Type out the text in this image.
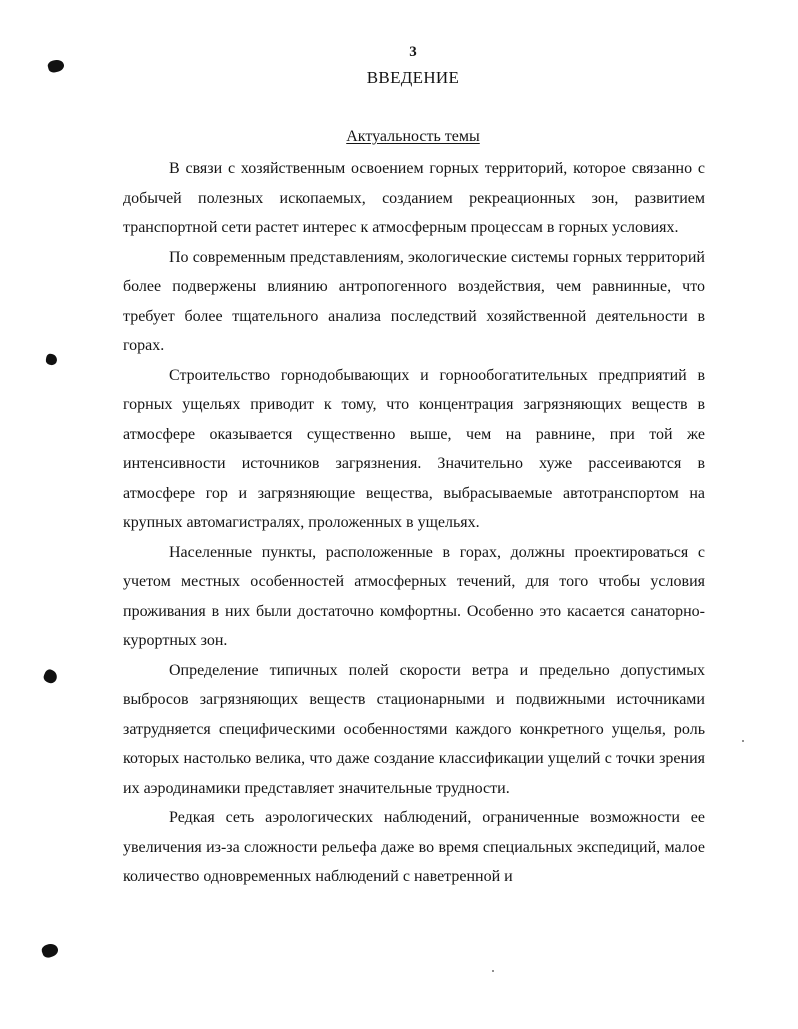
3
ВВЕДЕНИЕ
Актуальность темы

В связи с хозяйственным освоением горных территорий, которое связанно с добычей полезных ископаемых, созданием рекреационных зон, развитием транспортной сети растет интерес к атмосферным процессам в горных условиях.

По современным представлениям, экологические системы горных территорий более подвержены влиянию антропогенного воздействия, чем равнинные, что требует более тщательного анализа последствий хозяйственной деятельности в горах.

Строительство горнодобывающих и горнообогатительных предприятий в горных ущельях приводит к тому, что концентрация загрязняющих веществ в атмосфере оказывается существенно выше, чем на равнине, при той же интенсивности источников загрязнения. Значительно хуже рассеиваются в атмосфере гор и загрязняющие вещества, выбрасываемые автотранспортом на крупных автомагистралях, проложенных в ущельях.

Населенные пункты, расположенные в горах, должны проектироваться с учетом местных особенностей атмосферных течений, для того чтобы условия проживания в них были достаточно комфортны. Особенно это касается санаторно-курортных зон.

Определение типичных полей скорости ветра и предельно допустимых выбросов загрязняющих веществ стационарными и подвижными источниками затрудняется специфическими особенностями каждого конкретного ущелья, роль которых настолько велика, что даже создание классификации ущелий с точки зрения их аэродинамики представляет значительные трудности.

Редкая сеть аэрологических наблюдений, ограниченные возможности ее увеличения из-за сложности рельефа даже во время специальных экспедиций, малое количество одновременных наблюдений с наветренной и
